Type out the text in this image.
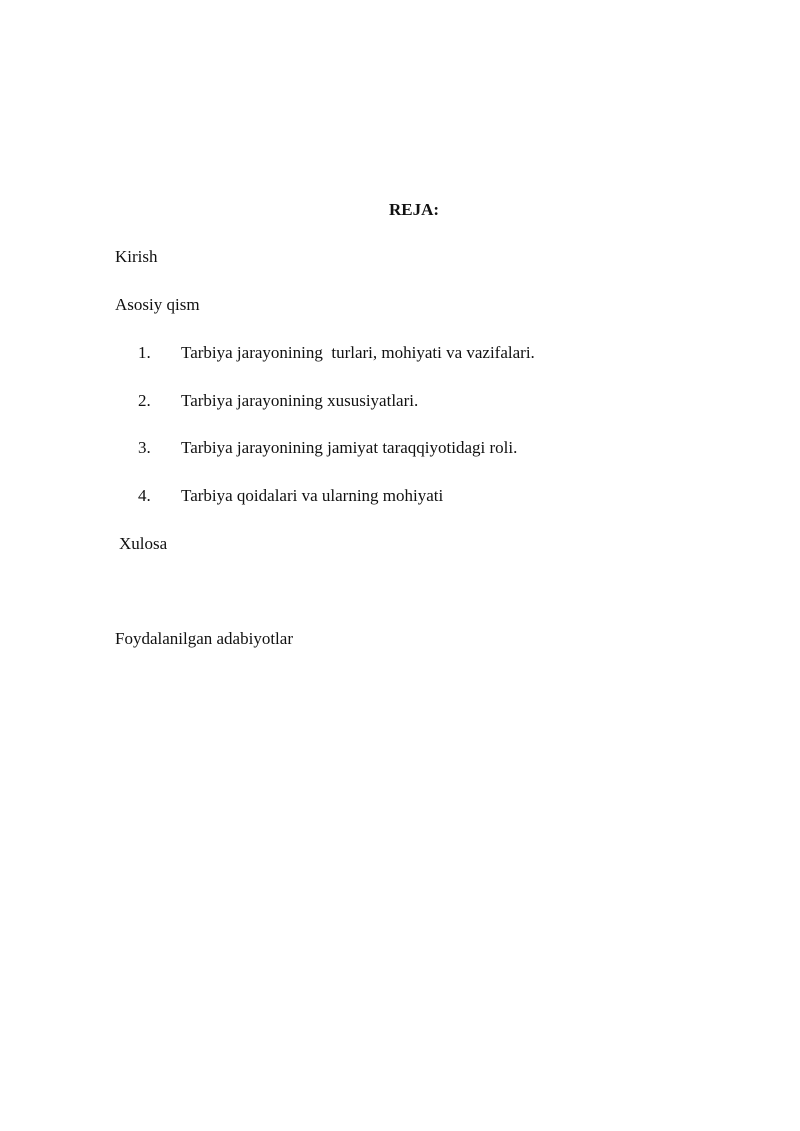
REJA:

Kirish

Asosiy qism

1. Tarbiya jarayonining  turlari, mohiyati va vazifalari.
2. Tarbiya jarayonining xususiyatlari.
3. Tarbiya jarayonining jamiyat taraqqiyotidagi roli.
4. Tarbiya qoidalari va ularning mohiyati

Xulosa

Foydalanilgan adabiyotlar
